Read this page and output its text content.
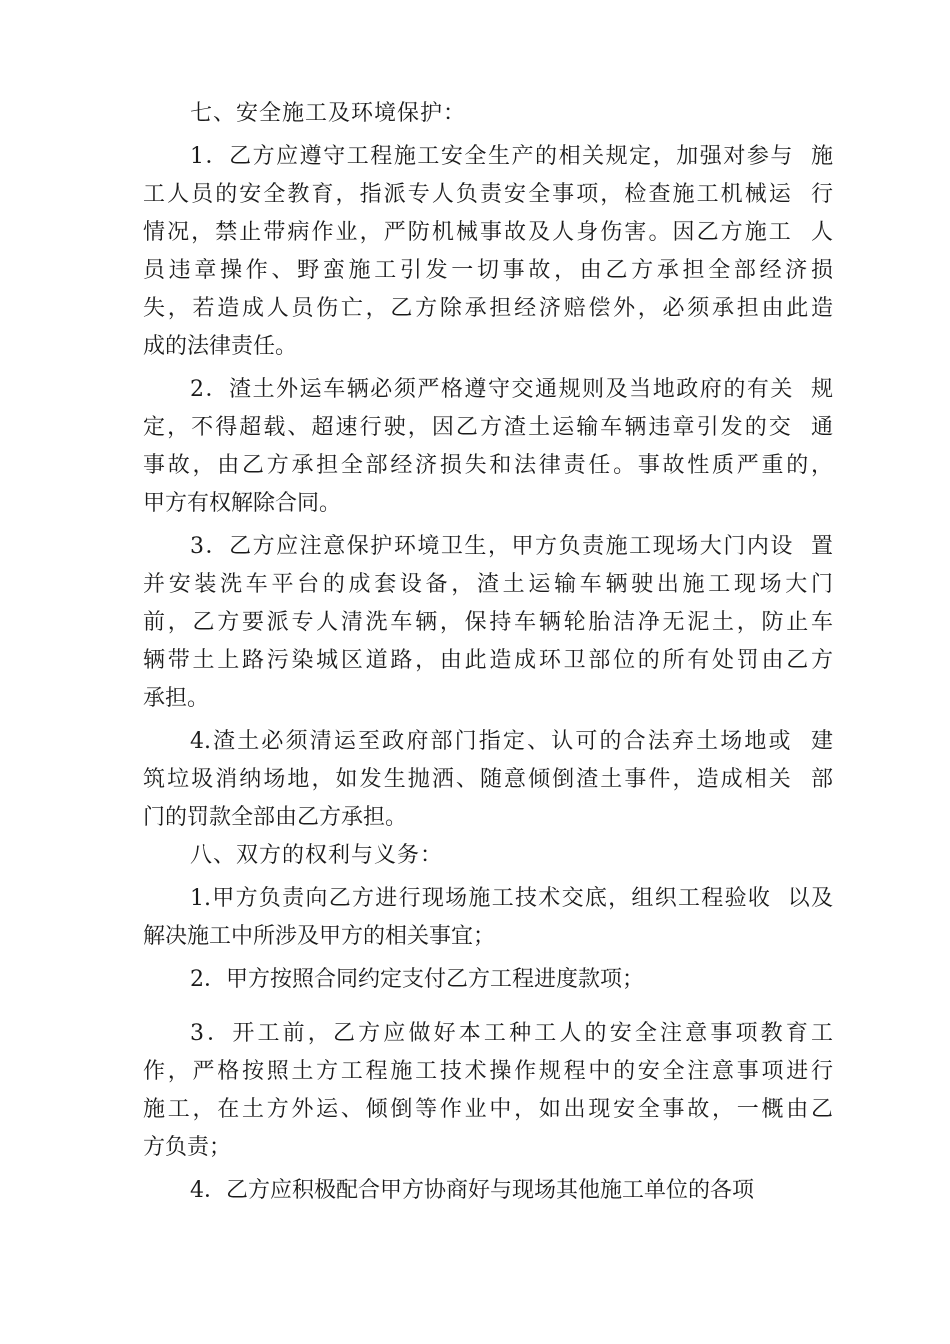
七、安全施工及环境保护：
1．乙方应遵守工程施工安全生产的相关规定，加强对参与  施
工人员的安全教育，指派专人负责安全事项，检查施工机械运  行
情况，禁止带病作业，严防机械事故及人身伤害。因乙方施工  人
员违章操作、野蛮施工引发一切事故，由乙方承担全部经济损
失，若造成人员伤亡，乙方除承担经济赔偿外，必须承担由此造
成的法律责任。
2．渣土外运车辆必须严格遵守交通规则及当地政府的有关  规
定，不得超载、超速行驶，因乙方渣土运输车辆违章引发的交  通
事故，由乙方承担全部经济损失和法律责任。事故性质严重的，
甲方有权解除合同。
3．乙方应注意保护环境卫生，甲方负责施工现场大门内设  置
并安装洗车平台的成套设备，渣土运输车辆驶出施工现场大门
前，乙方要派专人清洗车辆，保持车辆轮胎洁净无泥土，防止车
辆带土上路污染城区道路，由此造成环卫部位的所有处罚由乙方
承担。
4.渣土必须清运至政府部门指定、认可的合法弃土场地或  建
筑垃圾消纳场地，如发生抛洒、随意倾倒渣土事件，造成相关  部
门的罚款全部由乙方承担。
八、双方的权利与义务：
1.甲方负责向乙方进行现场施工技术交底，组织工程验收  以及
解决施工中所涉及甲方的相关事宜；
2．甲方按照合同约定支付乙方工程进度款项；
3．开工前，乙方应做好本工种工人的安全注意事项教育工
作，严格按照土方工程施工技术操作规程中的安全注意事项进行
施工，在土方外运、倾倒等作业中，如出现安全事故，一概由乙
方负责；
4．乙方应积极配合甲方协商好与现场其他施工单位的各项
